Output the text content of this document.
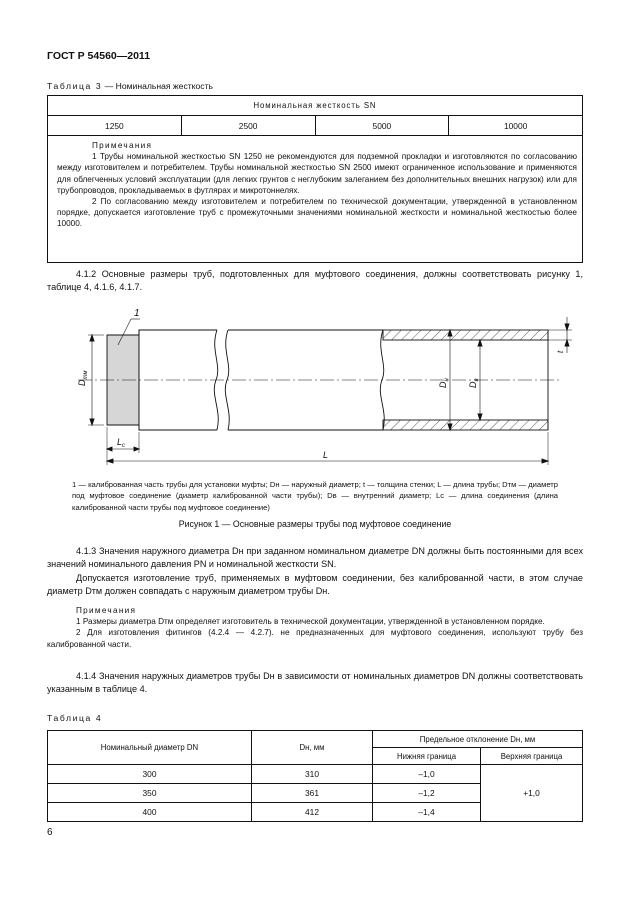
ГОСТ Р 54560—2011
Таблица 3 — Номинальная жесткость
Номинальная жесткость SN
1250	2500	5000	10000

Примечания

1 Трубы номинальной жесткостью SN 1250 не рекомендуются для подземной прокладки и изготовляются по согласованию между изготовителем и потребителем. Трубы номинальной жесткостью SN 2500 имеют ограниченное использование и применяются для облегченных условий эксплуатации (для легких грунтов с неглубоким залеганием без дополнительных внешних нагрузок) или для трубопроводов, прокладываемых в футлярах и микротоннелях.

2 По согласованию между изготовителем и потребителем по технической документации, утвержденной в установленном порядке, допускается изготовление труб с промежуточными значениями номинальной жесткости и номинальной жесткостью более 10000.

4.1.2 Основные размеры труб, подготовленных для муфтового соединения, должны соответствовать рисунку 1, таблице 4, 4.1.6, 4.1.7.

1
$D_{тм}$
$L_c$
L
$D_н$
$D_в$
t
1 — калиброванная часть трубы для установки муфты; Dн — наружный диаметр; t — толщина стенки; L — длина трубы; Dтм — диаметр под муфтовое соединение (диаметр калиброванной части трубы); Dв — внутренний диаметр; Lс — длина соединения (длина калиброванной части трубы под муфтовое соединение)
Рисунок 1 — Основные размеры трубы под муфтовое соединение

4.1.3 Значения наружного диаметра Dн при заданном номинальном диаметре DN должны быть постоянными для всех значений номинального давления PN и номинальной жесткости SN.

Допускается изготовление труб, применяемых в муфтовом соединении, без калиброванной части, в этом случае диаметр Dтм должен совпадать с наружным диаметром трубы Dн.

Примечания

1 Размеры диаметра Dтм определяет изготовитель в технической документации, утвержденной в установленном порядке.

2 Для изготовления фитингов (4.2.4 — 4.2.7). не предназначенных для муфтового соединения, используют трубу без калиброванной части.

4.1.4 Значения наружных диаметров трубы Dн в зависимости от номинальных диаметров DN должны соответствовать указанным в таблице 4.

Таблица 4
Номинальный диаметр DN	Dн, мм	Предельное отклонение Dн, мм	
		Нижняя граница	Верхняя граница
300	310	–1,0	+1,0
350	361	–1,2	
400	412	–1,4	
6
